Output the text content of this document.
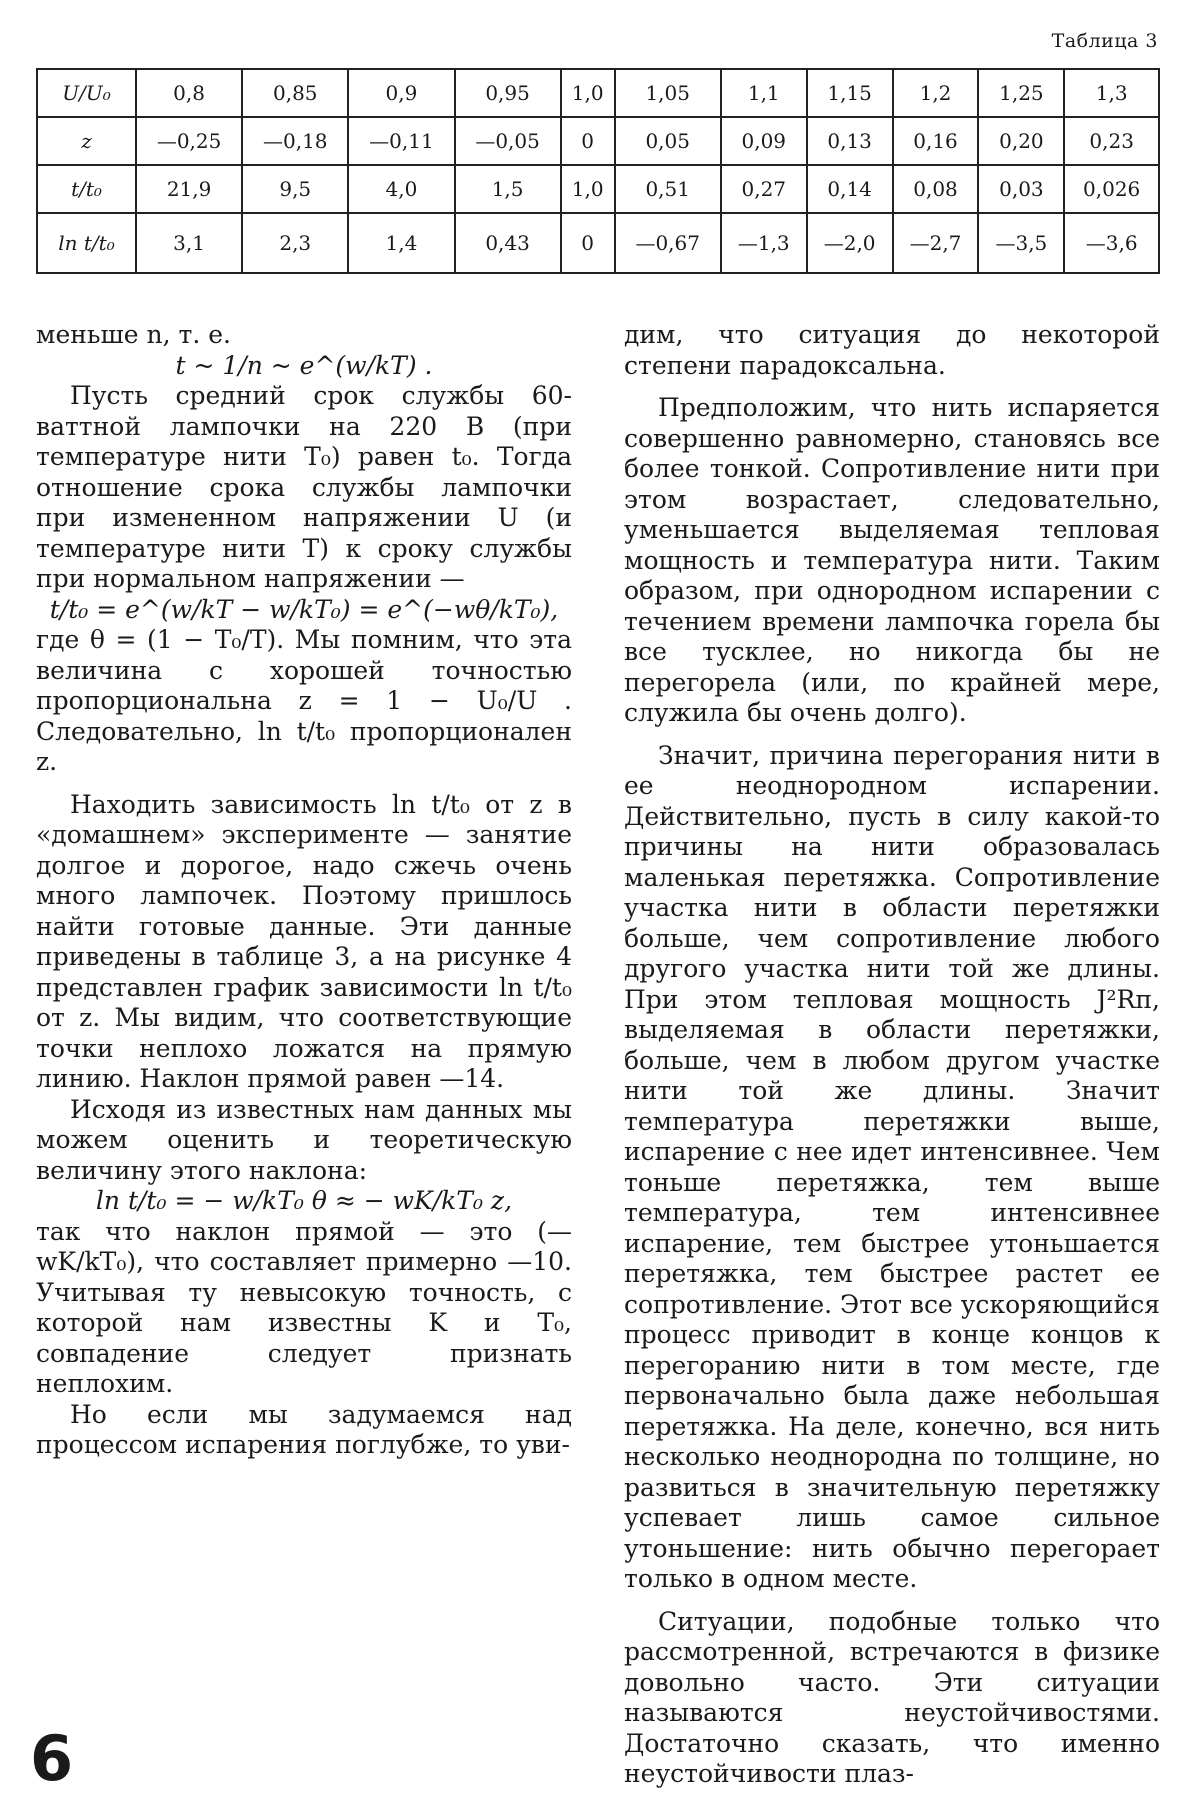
Таблица 3
U/U₀	0,8	0,85	0,9	0,95	1,0	1,05	1,1	1,15	1,2	1,25	1,3
z	—0,25	—0,18	—0,11	—0,05	0	0,05	0,09	0,13	0,16	0,20	0,23
t/t₀	21,9	9,5	4,0	1,5	1,0	0,51	0,27	0,14	0,08	0,03	0,026
ln t/t₀	3,1	2,3	1,4	0,43	0	—0,67	—1,3	—2,0	—2,7	—3,5	—3,6

меньше n, т. е.

t ~ 1/n ~ e^(w/kT) .

Пусть средний срок службы 60-ваттной лампочки на 220 В (при температуре нити T₀) равен t₀. Тогда отношение срока службы лампочки при измененном напряжении U (и температуре нити T) к сроку службы при нормальном напряжении —

t/t₀ = e^(w/kT − w/kT₀) = e^(−wθ/kT₀),

где θ = (1 − T₀/T). Мы помним, что эта величина с хорошей точностью пропорциональна z = 1 − U₀/U . Следовательно, ln t/t₀ пропорционален z.

Находить зависимость ln t/t₀ от z в «домашнем» эксперименте — занятие долгое и дорогое, надо сжечь очень много лампочек. Поэтому пришлось найти готовые данные. Эти данные приведены в таблице 3, а на рисунке 4 представлен график зависимости ln t/t₀ от z. Мы видим, что соответствующие точки неплохо ложатся на прямую линию. Наклон прямой равен —14.

Исходя из известных нам данных мы можем оценить и теоретическую величину этого наклона:

ln t/t₀ = − w/kT₀ θ ≈ − wK/kT₀ z,

так что наклон прямой — это (—wK/kT₀), что составляет примерно —10. Учитывая ту невысокую точность, с которой нам известны K и T₀, совпадение следует признать неплохим.

Но если мы задумаемся над процессом испарения поглубже, то уви-

дим, что ситуация до некоторой степени парадоксальна.

Предположим, что нить испаряется совершенно равномерно, становясь все более тонкой. Сопротивление нити при этом возрастает, следовательно, уменьшается выделяемая тепловая мощность и температура нити. Таким образом, при однородном испарении с течением времени лампочка горела бы все тусклее, но никогда бы не перегорела (или, по крайней мере, служила бы очень долго).

Значит, причина перегорания нити в ее неоднородном испарении. Действительно, пусть в силу какой-то причины на нити образовалась маленькая перетяжка. Сопротивление участка нити в области перетяжки больше, чем сопротивление любого другого участка нити той же длины. При этом тепловая мощность J²Rп, выделяемая в области перетяжки, больше, чем в любом другом участке нити той же длины. Значит температура перетяжки выше, испарение с нее идет интенсивнее. Чем тоньше перетяжка, тем выше температура, тем интенсивнее испарение, тем быстрее утоньшается перетяжка, тем быстрее растет ее сопротивление. Этот все ускоряющийся процесс приводит в конце концов к перегоранию нити в том месте, где первоначально была даже небольшая перетяжка. На деле, конечно, вся нить несколько неоднородна по толщине, но развиться в значительную перетяжку успевает лишь самое сильное утоньшение: нить обычно перегорает только в одном месте.

Ситуации, подобные только что рассмотренной, встречаются в физике довольно часто. Эти ситуации называются неустойчивостями. Достаточно сказать, что именно неустойчивости плаз-

6
